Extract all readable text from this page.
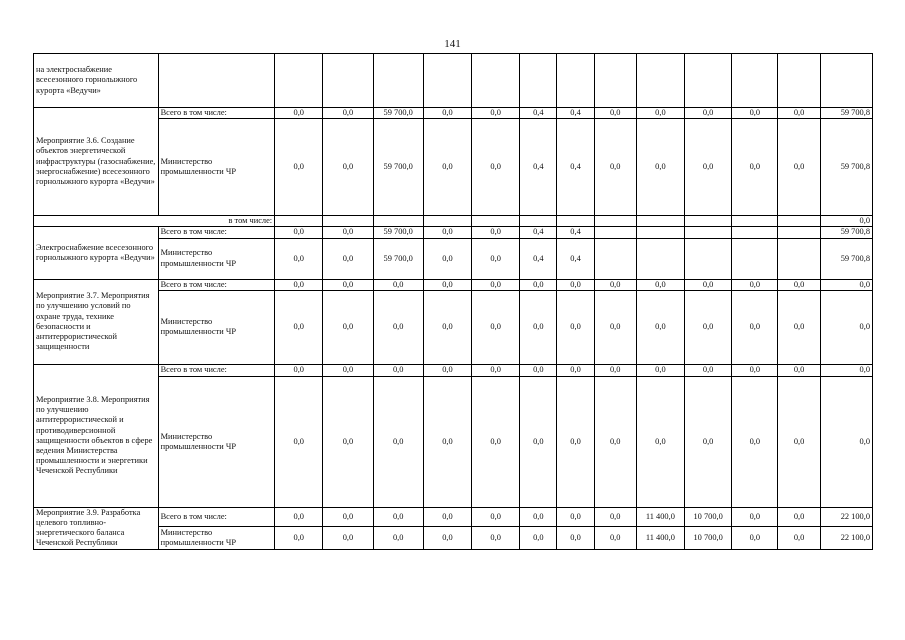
141
на электроснабжение всесезонного горнолыжного курорта «Ведучи»														
Мероприятие 3.6. Создание объектов энергетической инфраструктуры (газоснабжение, энергоснабжение) всесезонного горнолыжного курорта «Ведучи»	Всего в том числе:	0,0	0,0	59 700,0	0,0	0,0	0,4	0,4	0,0	0,0	0,0	0,0	0,0	59 700,8
	Министерство промышленности ЧР	0,0	0,0	59 700,0	0,0	0,0	0,4	0,4	0,0	0,0	0,0	0,0	0,0	59 700,8
в том числе:														0,0
Электроснабжение всесезонного горнолыжного курорта «Ведучи»	Всего в том числе:	0,0	0,0	59 700,0	0,0	0,0	0,4	0,4						59 700,8
	Министерство промышленности ЧР	0,0	0,0	59 700,0	0,0	0,0	0,4	0,4						59 700,8
Мероприятие 3.7. Мероприятия по улучшению условий по охране труда, технике безопасности и антитеррористической защищенности	Всего в том числе:	0,0	0,0	0,0	0,0	0,0	0,0	0,0	0,0	0,0	0,0	0,0	0,0	0,0
	Министерство промышленности ЧР	0,0	0,0	0,0	0,0	0,0	0,0	0,0	0,0	0,0	0,0	0,0	0,0	0,0
Мероприятие 3.8. Мероприятия по улучшению антитеррористической и противодиверсионной защищенности объектов в сфере ведения Министерства промышленности и энергетики Чеченской Республики	Всего в том числе:	0,0	0,0	0,0	0,0	0,0	0,0	0,0	0,0	0,0	0,0	0,0	0,0	0,0
	Министерство промышленности ЧР	0,0	0,0	0,0	0,0	0,0	0,0	0,0	0,0	0,0	0,0	0,0	0,0	0,0
Мероприятие 3.9. Разработка целевого топливно-энергетического баланса Чеченской Республики	Всего в том числе:	0,0	0,0	0,0	0,0	0,0	0,0	0,0	0,0	11 400,0	10 700,0	0,0	0,0	22 100,0
	Министерство промышленности ЧР	0,0	0,0	0,0	0,0	0,0	0,0	0,0	0,0	11 400,0	10 700,0	0,0	0,0	22 100,0
